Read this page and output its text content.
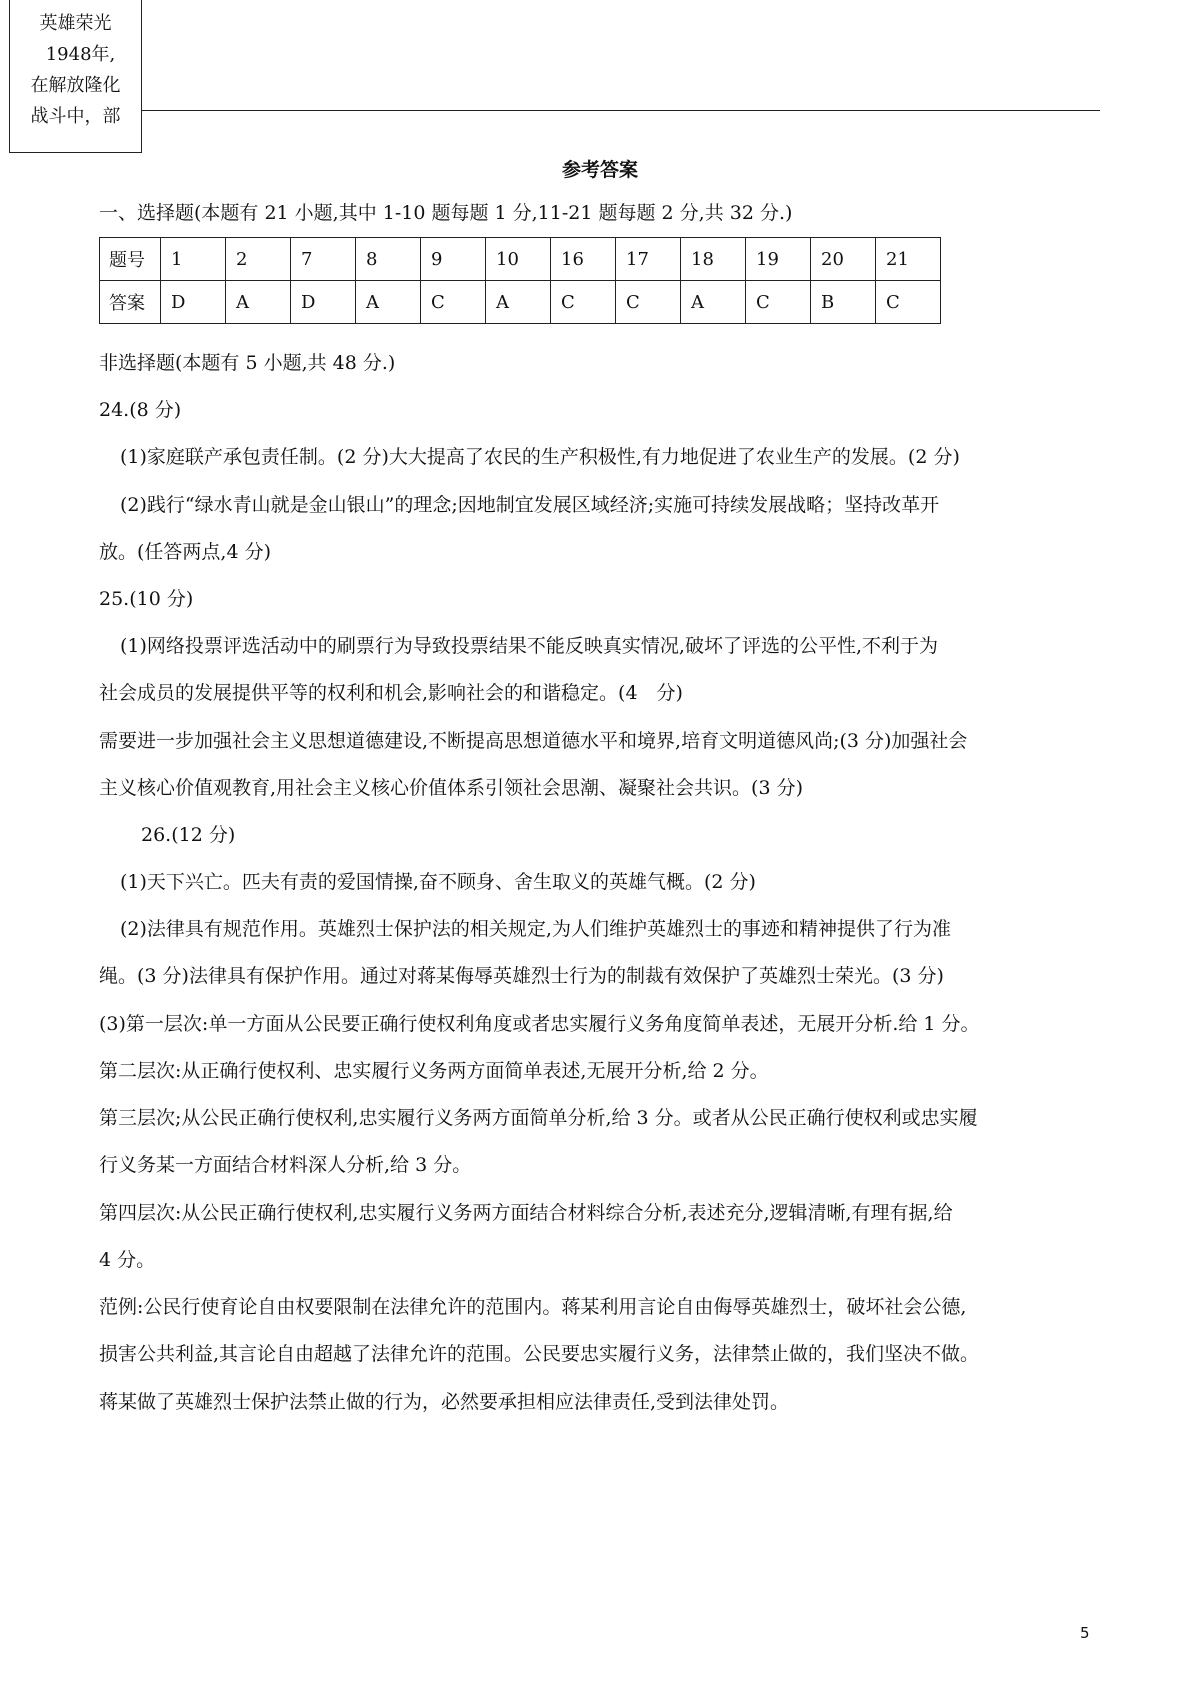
英雄荣光
1948年,
在解放隆化
战斗中，部
参考答案
一、选择题(本题有 21 小题,其中 1-10 题每题 1 分,11-21 题每题 2 分,共 32 分.)
题号	1	2	7	8	9	10	16	17	18	19	20	21
答案	D	A	D	A	C	A	C	C	A	C	B	C
非选择题(本题有 5 小题,共 48 分.)
24.(8 分)
(1)家庭联产承包责任制。(2 分)大大提高了农民的生产积极性,有力地促进了农业生产的发展。(2 分)
(2)践行“绿水青山就是金山银山”的理念;因地制宜发展区域经济;实施可持续发展战略；坚持改革开
放。(任答两点,4 分)
25.(10 分)
(1)网络投票评选活动中的刷票行为导致投票结果不能反映真实情况,破坏了评选的公平性,不利于为
社会成员的发展提供平等的权利和机会,影响社会的和谐稳定。(4　分)
需要进一步加强社会主义思想道德建设,不断提高思想道德水平和境界,培育文明道德风尚;(3 分)加强社会
主义核心价值观教育,用社会主义核心价值体系引领社会思潮、凝聚社会共识。(3 分)
26.(12 分)
(1)天下兴亡。匹夫有责的爱国情操,奋不顾身、舍生取义的英雄气概。(2 分)
(2)法律具有规范作用。英雄烈士保护法的相关规定,为人们维护英雄烈士的事迹和精神提供了行为准
绳。(3 分)法律具有保护作用。通过对蒋某侮辱英雄烈士行为的制裁有效保护了英雄烈士荣光。(3 分)
(3)第一层次:单一方面从公民要正确行使权利角度或者忠实履行义务角度简单表述，无展开分析.给 1 分。
第二层次:从正确行使权利、忠实履行义务两方面简单表述,无展开分析,给 2 分。
第三层次;从公民正确行使权利,忠实履行义务两方面简单分析,给 3 分。或者从公民正确行使权利或忠实履
行义务某一方面结合材料深人分析,给 3 分。
第四层次:从公民正确行使权利,忠实履行义务两方面结合材料综合分析,表述充分,逻辑清晰,有理有据,给
4 分。
范例:公民行使育论自由权要限制在法律允许的范围内。蒋某利用言论自由侮辱英雄烈士，破坏社会公德,
损害公共利益,其言论自由超越了法律允许的范围。公民要忠实履行义务，法律禁止做的，我们坚决不做。
蒋某做了英雄烈士保护法禁止做的行为，必然要承担相应法律责任,受到法律处罚。
5
